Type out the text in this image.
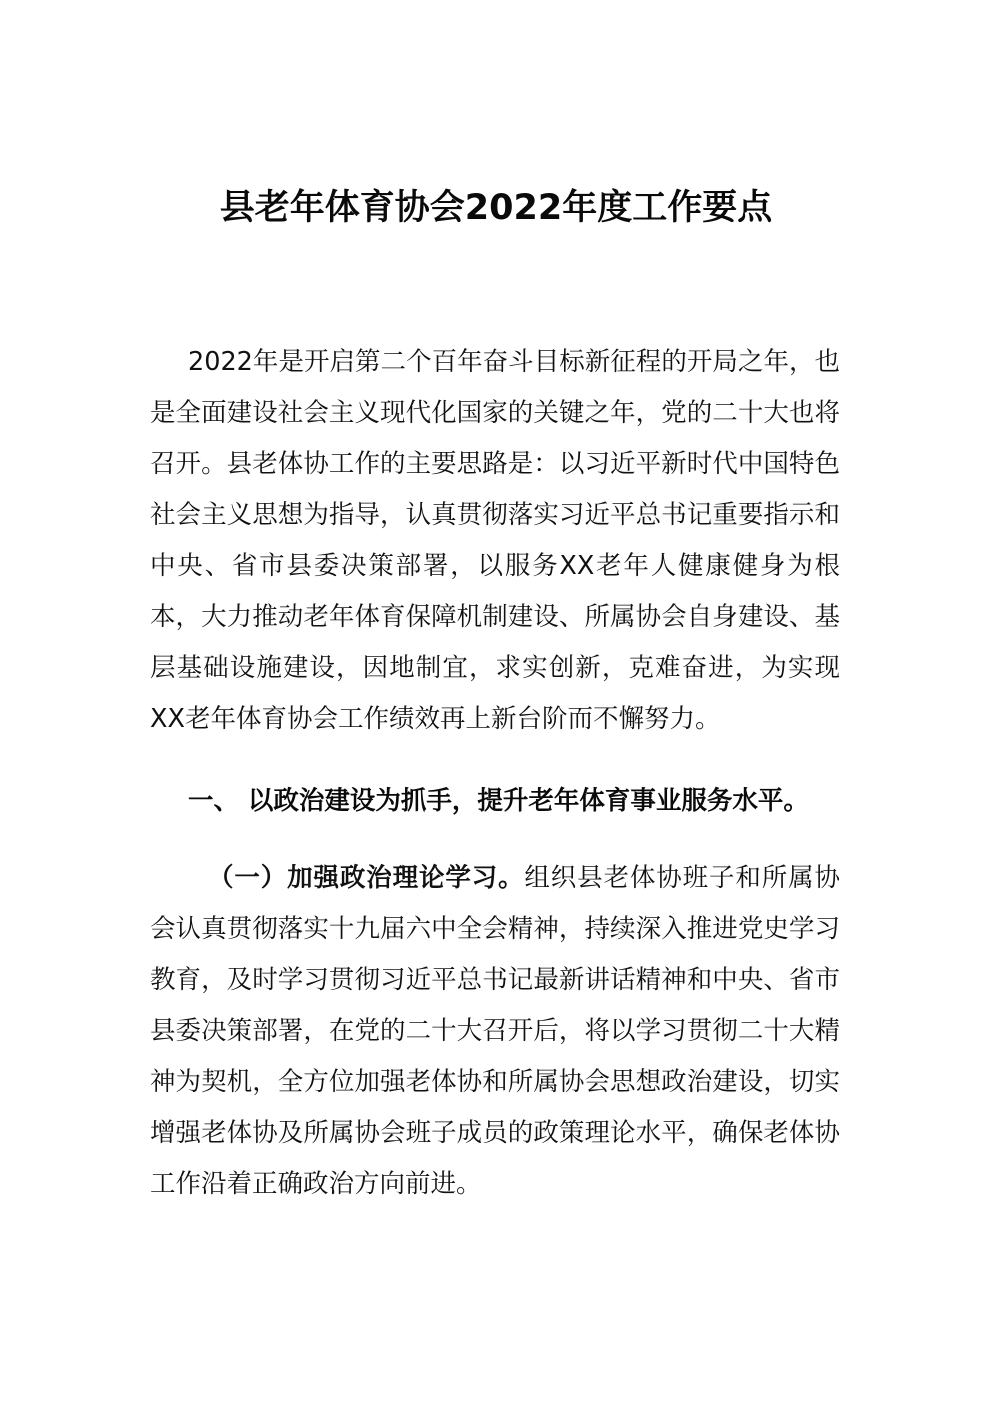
县老年体育协会2022年度工作要点

2022年是开启第二个百年奋斗目标新征程的开局之年，也是全面建设社会主义现代化国家的关键之年，党的二十大也将召开。县老体协工作的主要思路是：以习近平新时代中国特色社会主义思想为指导，认真贯彻落实习近平总书记重要指示和中央、省市县委决策部署，以服务XX老年人健康健身为根本，大力推动老年体育保障机制建设、所属协会自身建设、基层基础设施建设，因地制宜，求实创新，克难奋进，为实现XX老年体育协会工作绩效再上新台阶而不懈努力。

一、 以政治建设为抓手，提升老年体育事业服务水平。

（一）加强政治理论学习。组织县老体协班子和所属协会认真贯彻落实十九届六中全会精神，持续深入推进党史学习教育，及时学习贯彻习近平总书记最新讲话精神和中央、省市县委决策部署，在党的二十大召开后，将以学习贯彻二十大精神为契机，全方位加强老体协和所属协会思想政治建设，切实增强老体协及所属协会班子成员的政策理论水平，确保老体协工作沿着正确政治方向前进。
